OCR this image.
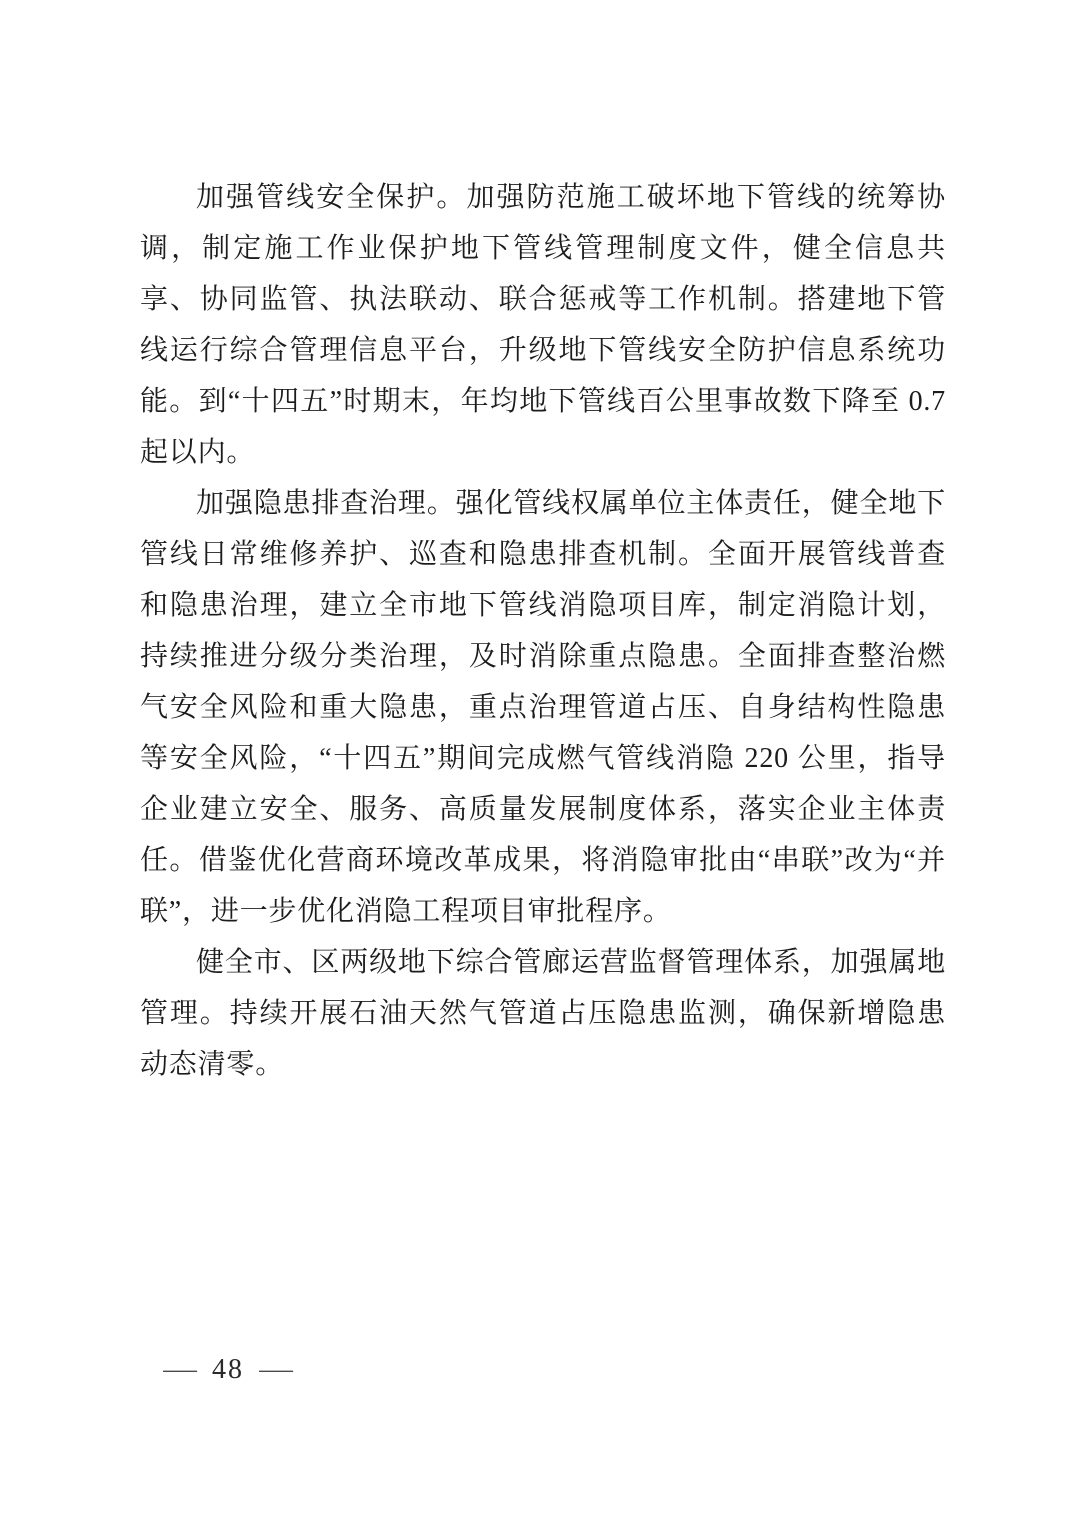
加强管线安全保护。加强防范施工破坏地下管线的统筹协调，制定施工作业保护地下管线管理制度文件，健全信息共享、协同监管、执法联动、联合惩戒等工作机制。搭建地下管线运行综合管理信息平台，升级地下管线安全防护信息系统功能。到“十四五”时期末，年均地下管线百公里事故数下降至 0.7 起以内。

加强隐患排查治理。强化管线权属单位主体责任，健全地下管线日常维修养护、巡查和隐患排查机制。全面开展管线普查和隐患治理，建立全市地下管线消隐项目库，制定消隐计划，持续推进分级分类治理，及时消除重点隐患。全面排查整治燃气安全风险和重大隐患，重点治理管道占压、自身结构性隐患等安全风险，“十四五”期间完成燃气管线消隐 220 公里，指导企业建立安全、服务、高质量发展制度体系，落实企业主体责任。借鉴优化营商环境改革成果，将消隐审批由“串联”改为“并联”，进一步优化消隐工程项目审批程序。

健全市、区两级地下综合管廊运营监督管理体系，加强属地管理。持续开展石油天然气管道占压隐患监测，确保新增隐患动态清零。

— 48 —
